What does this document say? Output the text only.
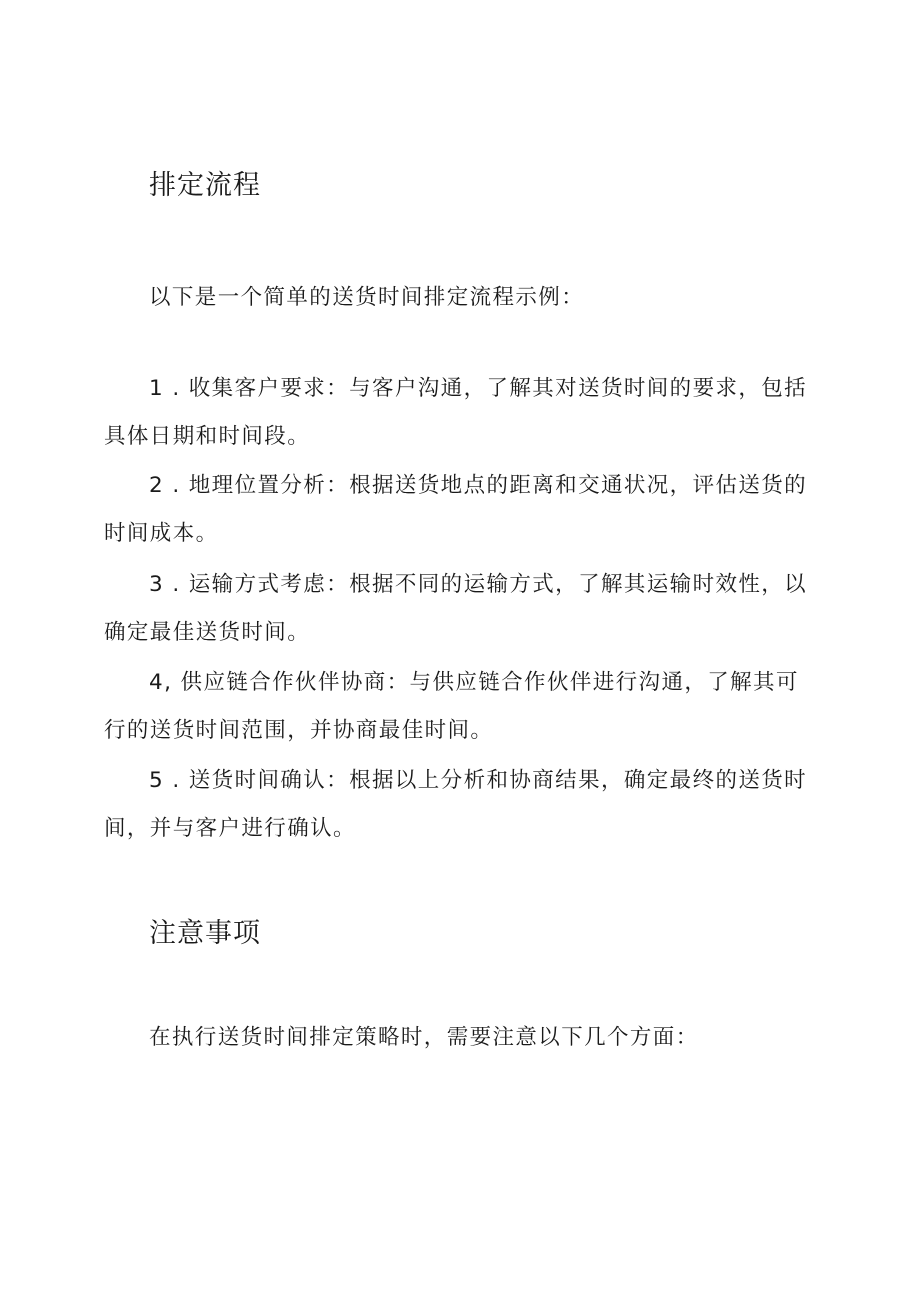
排定流程

以下是一个简单的送货时间排定流程示例：

1 . 收集客户要求：与客户沟通，了解其对送货时间的要求，包括具体日期和时间段。

2 . 地理位置分析：根据送货地点的距离和交通状况，评估送货的时间成本。

3 . 运输方式考虑：根据不同的运输方式，了解其运输时效性，以确定最佳送货时间。

4, 供应链合作伙伴协商：与供应链合作伙伴进行沟通，了解其可行的送货时间范围，并协商最佳时间。

5 . 送货时间确认：根据以上分析和协商结果，确定最终的送货时间，并与客户进行确认。

注意事项

在执行送货时间排定策略时，需要注意以下几个方面：
